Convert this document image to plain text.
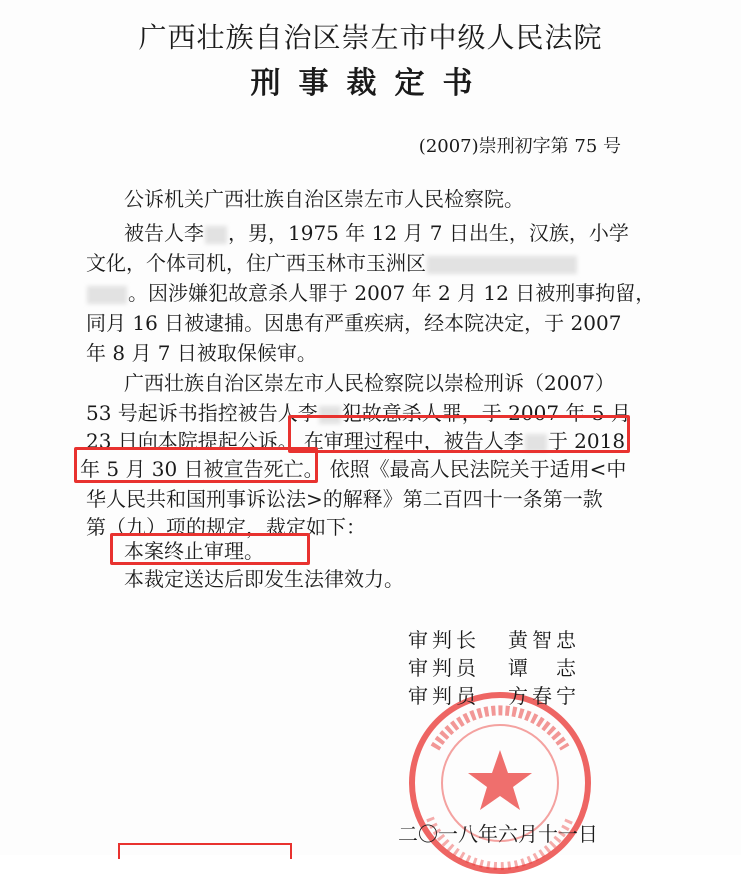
广西壮族自治区崇左市中级人民法院
刑事裁定书
(2007)崇刑初字第 75 号
公诉机关广西壮族自治区崇左市人民检察院。
被告人李 ，男，1975 年 12 月 7 日出生，汉族，小学
文化，个体司机，住广西玉林市玉洲区
。因涉嫌犯故意杀人罪于 2007 年 2 月 12 日被刑事拘留，
同月 16 日被逮捕。因患有严重疾病，经本院决定，于 2007
年 8 月 7 日被取保候审。
广西壮族自治区崇左市人民检察院以崇检刑诉（2007）
53 号起诉书指控被告人李 犯故意杀人罪，于 2007 年 5 月
23 日向本院提起公诉。 在审理过程中，被告人李 于 2018
年 5 月 30 日被宣告死亡。 依照《最高人民法院关于适用<中
华人民共和国刑事诉讼法>的解释》第二百四十一条第一款
第（九）项的规定，裁定如下：
本案终止审理。
本裁定送达后即发生法律效力。
审判长 黄智忠
审判员 谭　志
审判员 方春宁
二〇一八年六月十一日
